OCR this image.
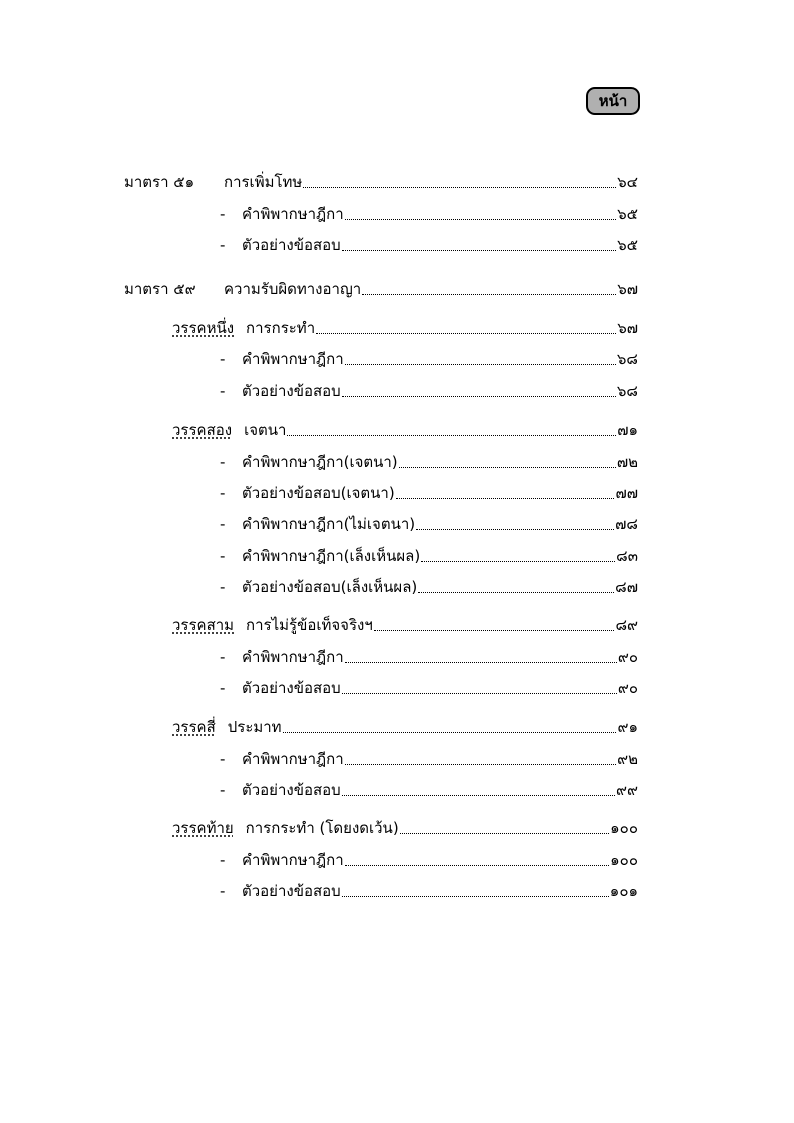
หน้า
มาตรา ๕๑	การเพิ่มโทษ	๖๔
-	คำพิพากษาฎีกา	๖๕
-	ตัวอย่างข้อสอบ	๖๕
มาตรา ๕๙	ความรับผิดทางอาญา	๖๗
วรรคหนึ่ง การกระทำ	๖๗
-	คำพิพากษาฎีกา	๖๘
-	ตัวอย่างข้อสอบ	๖๘
วรรคสอง เจตนา	๗๑
-	คำพิพากษาฎีกา(เจตนา)	๗๒
-	ตัวอย่างข้อสอบ(เจตนา)	๗๗
-	คำพิพากษาฎีกา(ไม่เจตนา)	๗๘
-	คำพิพากษาฎีกา(เล็งเห็นผล)	๘๓
-	ตัวอย่างข้อสอบ(เล็งเห็นผล)	๘๗
วรรคสาม การไม่รู้ข้อเท็จจริงฯ	๘๙
-	คำพิพากษาฎีกา	๙๐
-	ตัวอย่างข้อสอบ	๙๐
วรรคสี่ ประมาท	๙๑
-	คำพิพากษาฎีกา	๙๒
-	ตัวอย่างข้อสอบ	๙๙
วรรคท้าย การกระทำ (โดยงดเว้น)	๑๐๐
-	คำพิพากษาฎีกา	๑๐๐
-	ตัวอย่างข้อสอบ	๑๐๑
